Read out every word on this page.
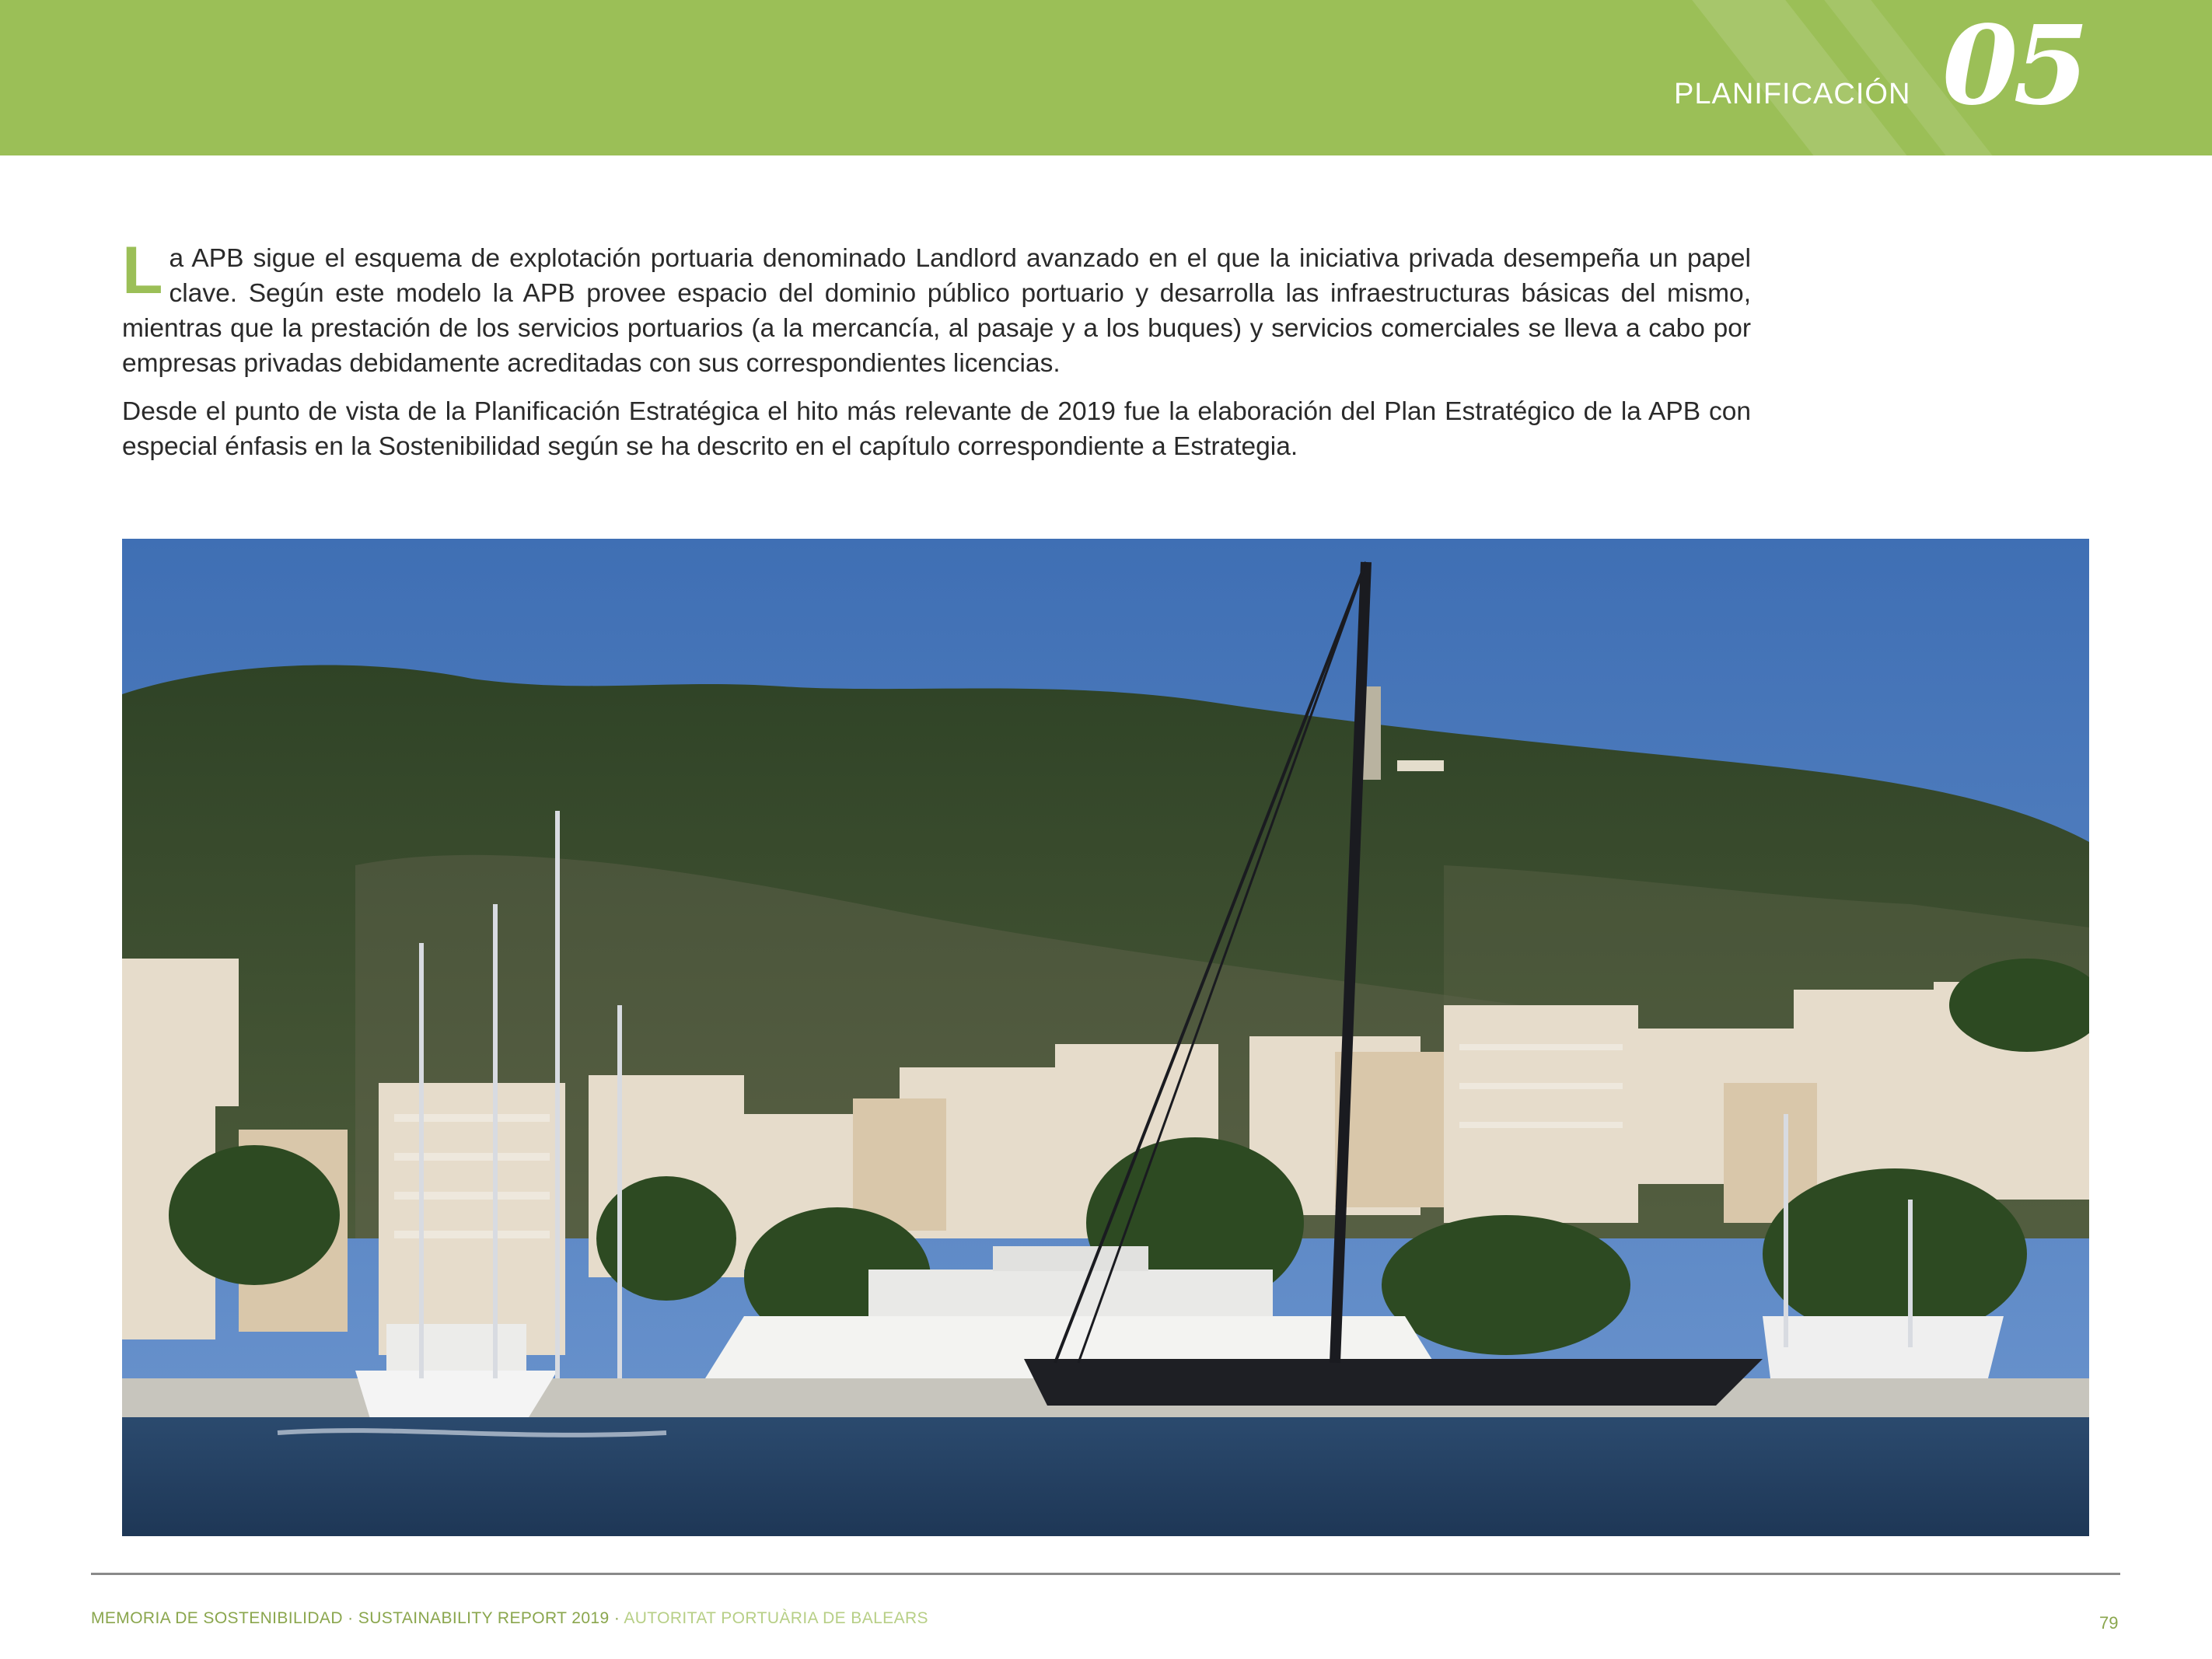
PLANIFICACIÓN 05

La APB sigue el esquema de explotación portuaria denominado Landlord avanzado en el que la iniciativa privada desempeña un papel clave. Según este modelo la APB provee espacio del dominio público portuario y desarrolla las infraestructuras básicas del mismo, mientras que la prestación de los servicios portuarios (a la mercancía, al pasaje y a los buques) y servicios comerciales se lleva a cabo por empresas privadas debidamente acreditadas con sus correspondientes licencias.

Desde el punto de vista de la Planificación Estratégica el hito más relevante de 2019 fue la elaboración del Plan Estratégico de la APB con especial énfasis en la Sostenibilidad según se ha descrito en el capítulo correspondiente a Estrategia.

MEMORIA DE SOSTENIBILIDAD · SUSTAINABILITY REPORT 2019 · AUTORITAT PORTUÀRIA DE BALEARS	79
